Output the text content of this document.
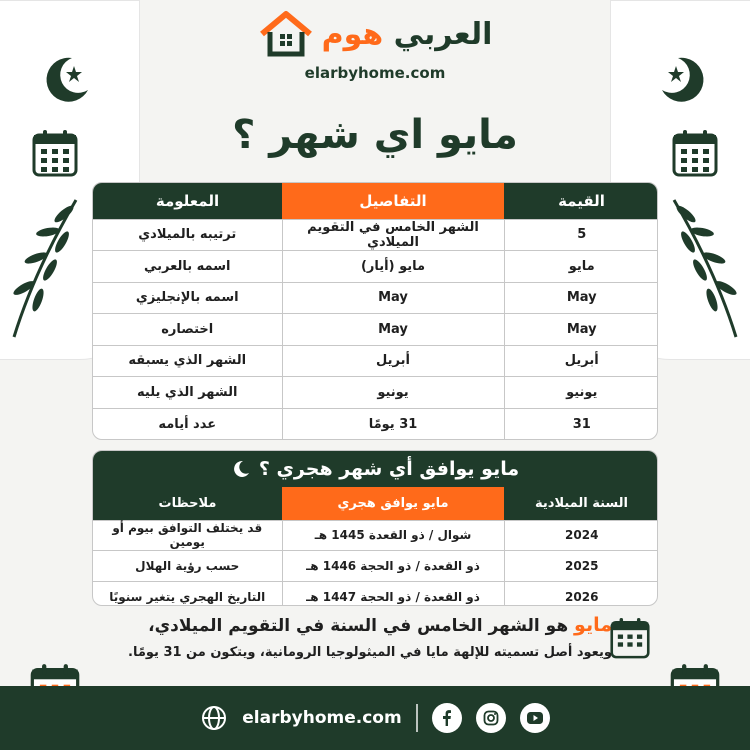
العربي هوم
elarbyhome.com
مايو اي شهر ؟
القيمة	التفاصيل	المعلومة
5	الشهر الخامس في التقويم الميلادي	ترتيبه بالميلادي
مايو	مايو (أيار)	اسمه بالعربي
May	May	اسمه بالإنجليزي
May	May	اختصاره
أبريل	أبريل	الشهر الذي يسبقه
يونيو	يونيو	الشهر الذي يليه
31	31 يومًا	عدد أيامه
مايو يوافق أي شهر هجري ؟
السنة الميلادية	مايو يوافق هجري	ملاحظات
2024	شوال / ذو القعدة 1445 هـ	قد يختلف التوافق بيوم أو يومين
2025	ذو القعدة / ذو الحجة 1446 هـ	حسب رؤية الهلال
2026	ذو القعدة / ذو الحجة 1447 هـ	التاريخ الهجري يتغير سنويًا
مايو هو الشهر الخامس في السنة في التقويم الميلادي،
ويعود أصل تسميته للإلهة مايا في الميثولوجيا الرومانية، ويتكون من 31 يومًا.
elarbyhome.com
